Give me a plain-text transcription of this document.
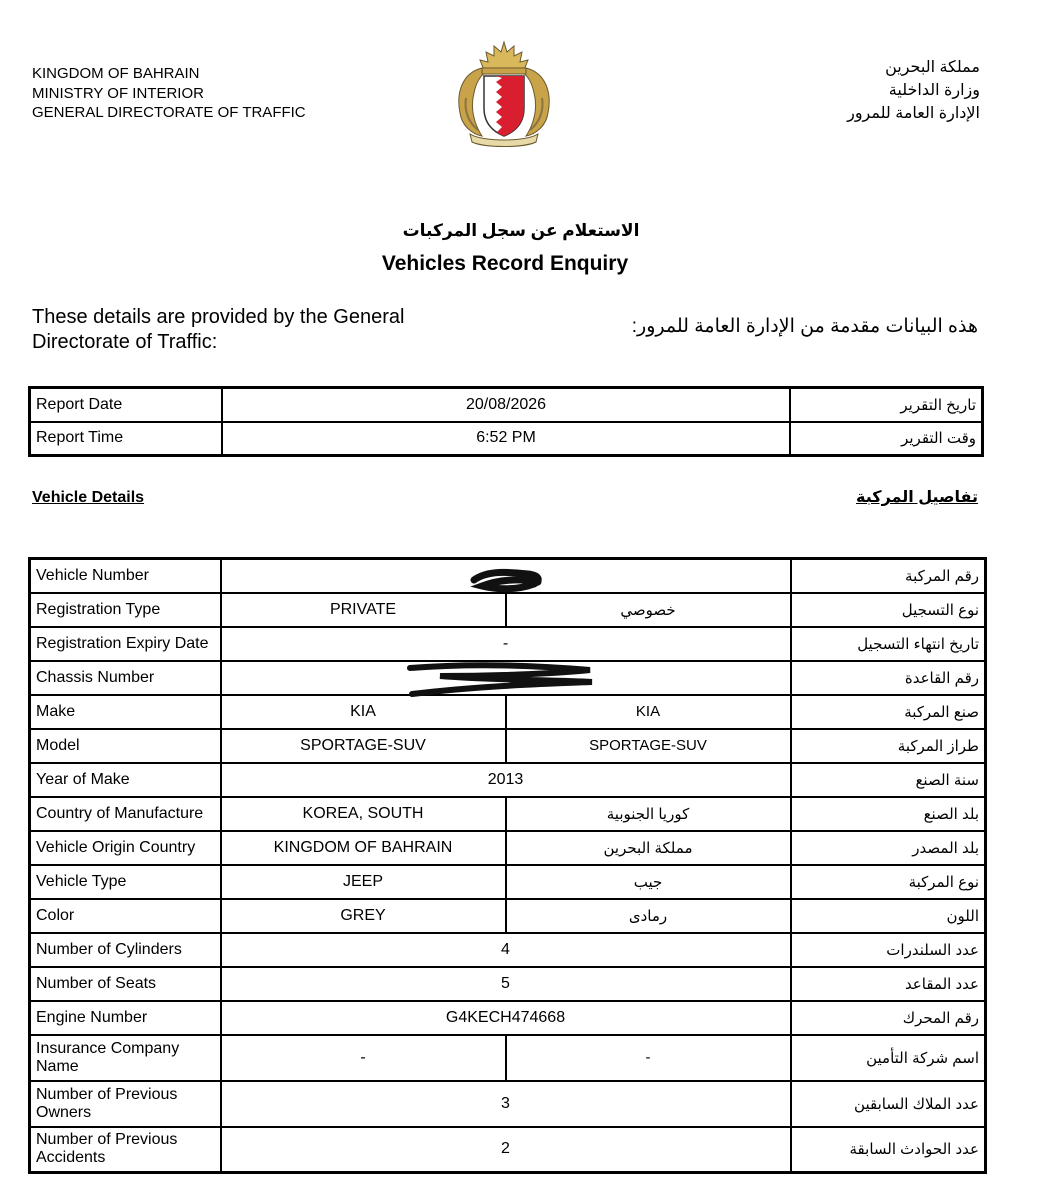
KINGDOM OF BAHRAIN
MINISTRY OF INTERIOR
GENERAL DIRECTORATE OF TRAFFIC
مملكة البحرين
وزارة الداخلية
الإدارة العامة للمرور
الاستعلام عن سجل المركبات
Vehicles Record Enquiry
These details are provided by the General Directorate of Traffic:
هذه البيانات مقدمة من الإدارة العامة للمرور:
Report Date	20/08/2026	تاريخ التقرير
Report Time	6:52 PM	وقت التقرير
Vehicle Details	تفاصيل المركبة
Vehicle Number			رقم المركبة
Registration Type	PRIVATE	خصوصي	نوع التسجيل
Registration Expiry Date	-		تاريخ انتهاء التسجيل
Chassis Number			رقم القاعدة
Make	KIA	KIA	صنع المركبة
Model	SPORTAGE-SUV	SPORTAGE-SUV	طراز المركبة
Year of Make	2013		سنة الصنع
Country of Manufacture	KOREA, SOUTH	كوريا الجنوبية	بلد الصنع
Vehicle Origin Country	KINGDOM OF BAHRAIN	مملكة البحرين	بلد المصدر
Vehicle Type	JEEP	جيب	نوع المركبة
Color	GREY	رمادى	اللون
Number of Cylinders	4		عدد السلندرات
Number of Seats	5		عدد المقاعد
Engine Number	G4KECH474668		رقم المحرك
Insurance Company Name	-	-	اسم شركة التأمين
Number of Previous Owners	3		عدد الملاك السابقين
Number of Previous Accidents	2		عدد الحوادث السابقة
